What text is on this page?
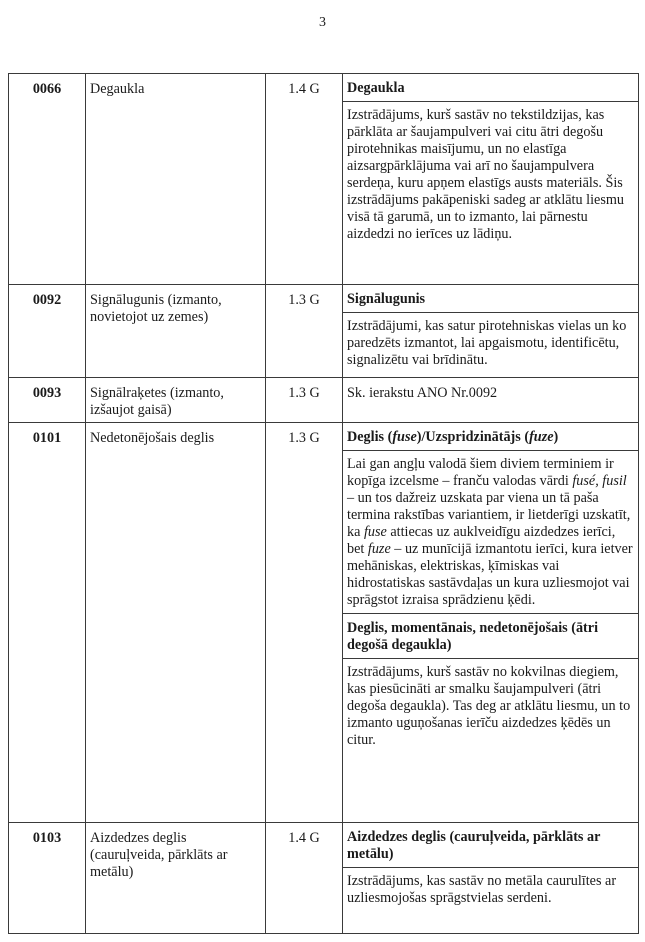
3
0066	Degaukla	1.4 G	Degaukla
Izstrādājums, kurš sastāv no tekstildzijas, kas pārklāta ar šaujampulveri vai citu ātri degošu pirotehnikas maisījumu, un no elastīga aizsargpārklājuma vai arī no šaujampulvera serdeņa, kuru apņem elastīgs austs materiāls. Šis izstrādājums pakāpeniski sadeg ar atklātu liesmu visā tā garumā, un to izmanto, lai pārnestu aizdedzi no ierīces uz lādiņu.

0092	Signālugunis (izmanto, novietojot uz zemes)	1.3 G	Signālugunis
Izstrādājumi, kas satur pirotehniskas vielas un ko paredzēts izmantot, lai apgaismotu, identificētu, signalizētu vai brīdinātu.

0093	Signālraķetes (izmanto, izšaujot gaisā)	1.3 G	Sk. ierakstu ANO Nr.0092

0101	Nedetonējošais deglis	1.3 G	Deglis (fuse)/Uzspridzinātājs (fuze)
Lai gan angļu valodā šiem diviem terminiem ir kopīga izcelsme – franču valodas vārdi fusé, fusil – un tos dažreiz uzskata par viena un tā paša termina rakstības variantiem, ir lietderīgi uzskatīt, ka fuse attiecas uz auklveidīgu aizdedzes ierīci, bet fuze – uz munīcijā izmantotu ierīci, kura ietver mehāniskas, elektriskas, ķīmiskas vai hidrostatiskas sastāvdaļas un kura uzliesmojot vai sprāgstot izraisa sprādzienu ķēdi.
Deglis, momentānais, nedetonējošais (ātri degošā degaukla)
Izstrādājums, kurš sastāv no kokvilnas diegiem, kas piesūcināti ar smalku šaujampulveri (ātri degoša degaukla). Tas deg ar atklātu liesmu, un to izmanto uguņošanas ierīču aizdedzes ķēdēs un citur.

0103	Aizdedzes deglis (cauruļveida, pārklāts ar metālu)	1.4 G	Aizdedzes deglis (cauruļveida, pārklāts ar metālu)
Izstrādājums, kas sastāv no metāla caurulītes ar uzliesmojošas sprāgstvielas serdeni.
